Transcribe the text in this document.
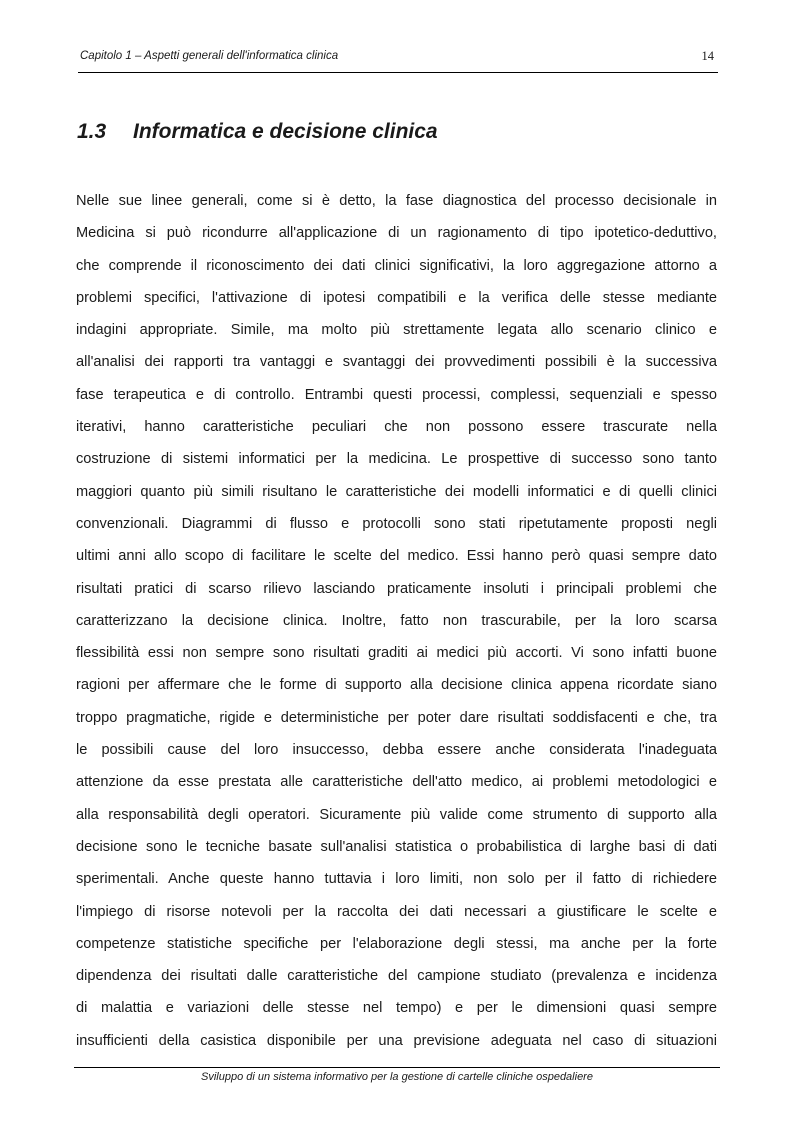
Capitolo 1 – Aspetti generali dell'informatica clinica	14
1.3 Informatica e decisione clinica
Nelle sue linee generali, come si è detto, la fase diagnostica del processo decisionale in
Medicina si può ricondurre all'applicazione di un ragionamento di tipo ipotetico-deduttivo,
che comprende il riconoscimento dei dati clinici significativi, la loro aggregazione attorno a
problemi specifici, l'attivazione di ipotesi compatibili e la verifica delle stesse mediante
indagini appropriate. Simile, ma molto più strettamente legata allo scenario clinico e
all'analisi dei rapporti tra vantaggi e svantaggi dei provvedimenti possibili è la successiva
fase terapeutica e di controllo. Entrambi questi processi, complessi, sequenziali e spesso
iterativi, hanno caratteristiche peculiari che non possono essere trascurate nella
costruzione di sistemi informatici per la medicina. Le prospettive di successo sono tanto
maggiori quanto più simili risultano le caratteristiche dei modelli informatici e di quelli clinici
convenzionali. Diagrammi di flusso e protocolli sono stati ripetutamente proposti negli
ultimi anni allo scopo di facilitare le scelte del medico. Essi hanno però quasi sempre dato
risultati pratici di scarso rilievo lasciando praticamente insoluti i principali problemi che
caratterizzano la decisione clinica. Inoltre, fatto non trascurabile, per la loro scarsa
flessibilità essi non sempre sono risultati graditi ai medici più accorti. Vi sono infatti buone
ragioni per affermare che le forme di supporto alla decisione clinica appena ricordate siano
troppo pragmatiche, rigide e deterministiche per poter dare risultati soddisfacenti e che, tra
le possibili cause del loro insuccesso, debba essere anche considerata l'inadeguata
attenzione da esse prestata alle caratteristiche dell'atto medico, ai problemi metodologici e
alla responsabilità degli operatori. Sicuramente più valide come strumento di supporto alla
decisione sono le tecniche basate sull'analisi statistica o probabilistica di larghe basi di dati
sperimentali. Anche queste hanno tuttavia i loro limiti, non solo per il fatto di richiedere
l'impiego di risorse notevoli per la raccolta dei dati necessari a giustificare le scelte e
competenze statistiche specifiche per l'elaborazione degli stessi, ma anche per la forte
dipendenza dei risultati dalle caratteristiche del campione studiato (prevalenza e incidenza
di malattia e variazioni delle stesse nel tempo) e per le dimensioni quasi sempre
insufficienti della casistica disponibile per una previsione adeguata nel caso di situazioni
Sviluppo di un sistema informativo per la gestione di cartelle cliniche ospedaliere
